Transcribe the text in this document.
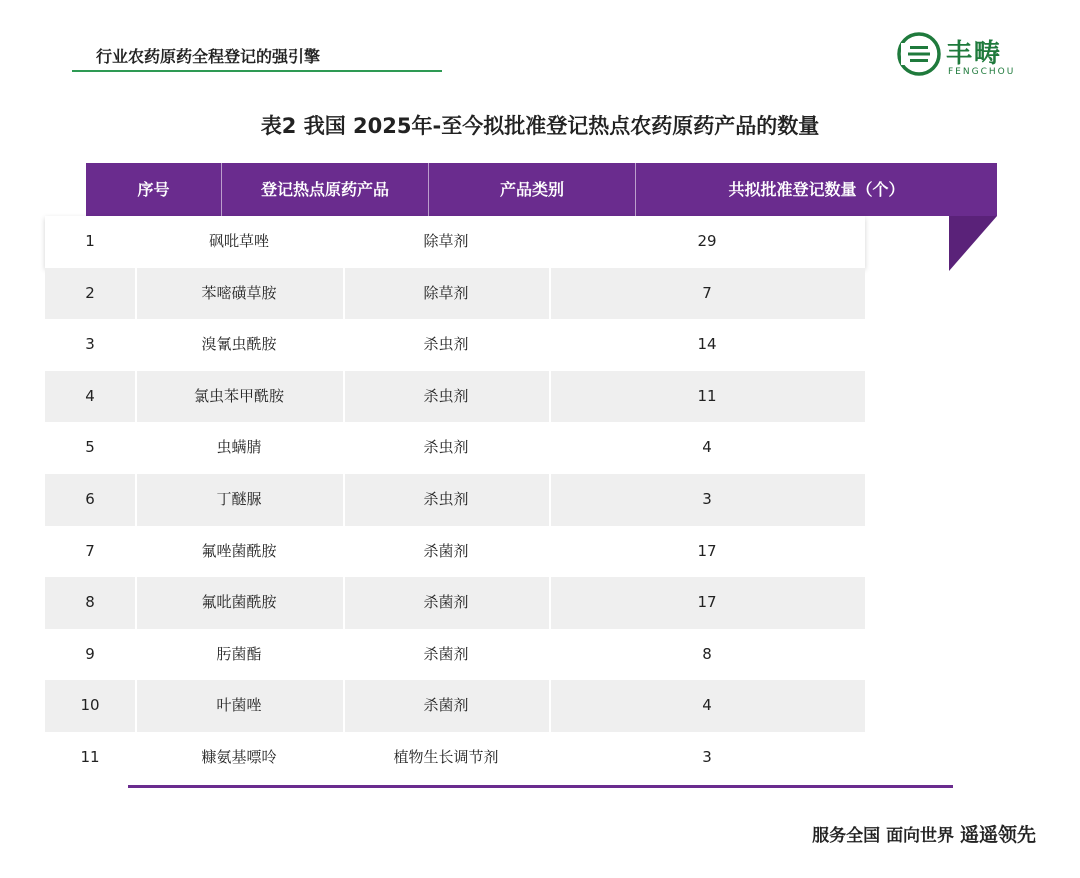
行业农药原药全程登记的强引擎	丰畴
FENGCHOU
表2 我国 2025年-至今拟批准登记热点农药原药产品的数量
序号	登记热点原药产品	产品类别	共拟批准登记数量（个）
1	砜吡草唑	除草剂	29
2	苯嘧磺草胺	除草剂	7
3	溴氰虫酰胺	杀虫剂	14
4	氯虫苯甲酰胺	杀虫剂	11
5	虫螨腈	杀虫剂	4
6	丁醚脲	杀虫剂	3
7	氟唑菌酰胺	杀菌剂	17
8	氟吡菌酰胺	杀菌剂	17
9	肟菌酯	杀菌剂	8
10	叶菌唑	杀菌剂	4
11	糠氨基嘌呤	植物生长调节剂	3
服务全国 面向世界 遥遥领先
